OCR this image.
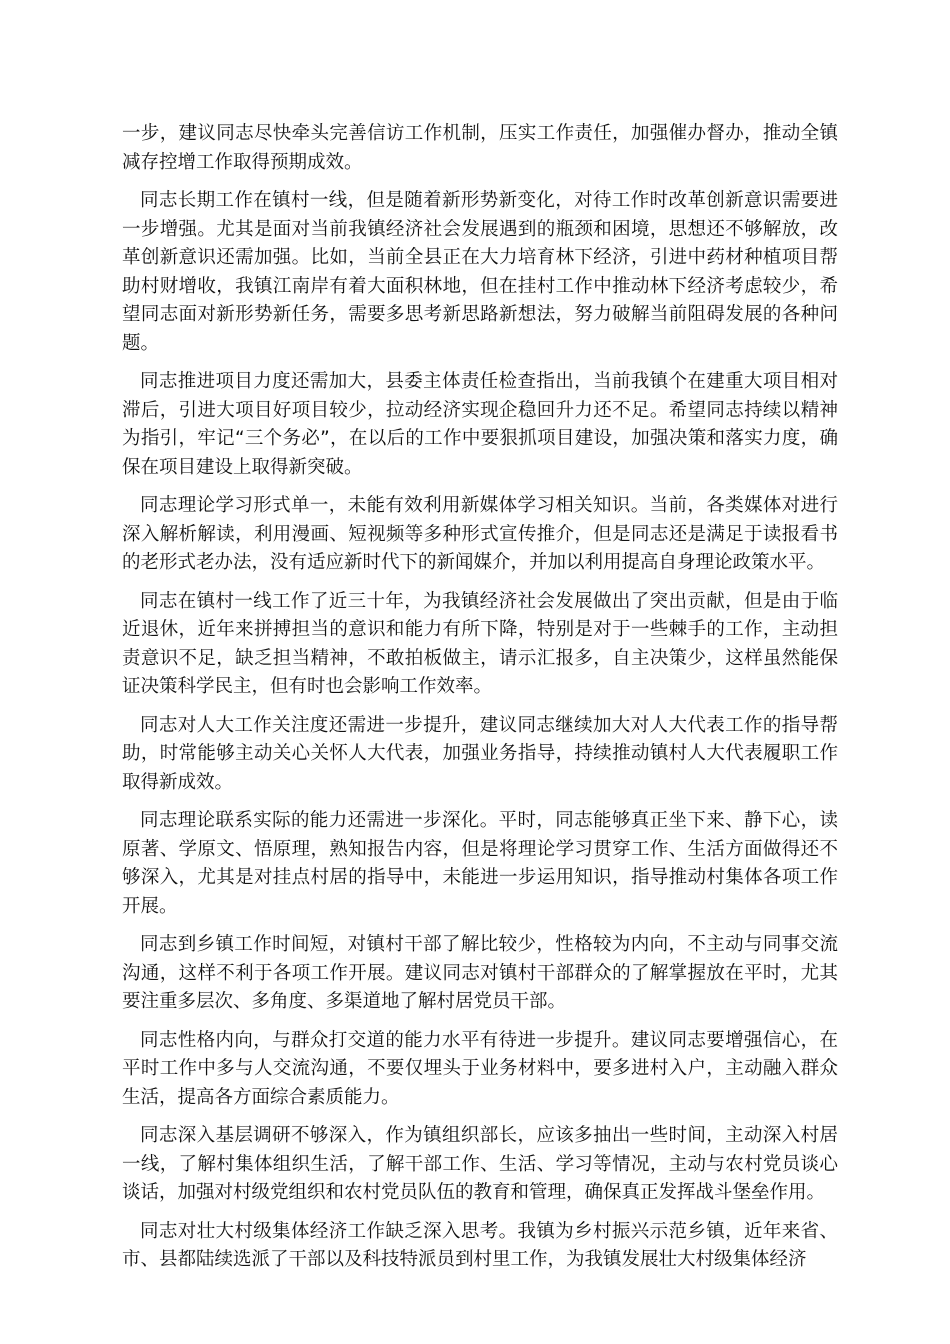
一步，建议同志尽快牵头完善信访工作机制，压实工作责任，加强催办督办，推动全镇减存控增工作取得预期成效。

同志长期工作在镇村一线，但是随着新形势新变化，对待工作时改革创新意识需要进一步增强。尤其是面对当前我镇经济社会发展遇到的瓶颈和困境，思想还不够解放，改革创新意识还需加强。比如，当前全县正在大力培育林下经济，引进中药材种植项目帮助村财增收，我镇江南岸有着大面积林地，但在挂村工作中推动林下经济考虑较少，希望同志面对新形势新任务，需要多思考新思路新想法，努力破解当前阻碍发展的各种问题。

同志推进项目力度还需加大，县委主体责任检查指出，当前我镇个在建重大项目相对滞后，引进大项目好项目较少，拉动经济实现企稳回升力还不足。希望同志持续以精神为指引，牢记“三个务必”，在以后的工作中要狠抓项目建设，加强决策和落实力度，确保在项目建设上取得新突破。

同志理论学习形式单一，未能有效利用新媒体学习相关知识。当前，各类媒体对进行深入解析解读，利用漫画、短视频等多种形式宣传推介，但是同志还是满足于读报看书的老形式老办法，没有适应新时代下的新闻媒介，并加以利用提高自身理论政策水平。

同志在镇村一线工作了近三十年，为我镇经济社会发展做出了突出贡献，但是由于临近退休，近年来拼搏担当的意识和能力有所下降，特别是对于一些棘手的工作，主动担责意识不足，缺乏担当精神，不敢拍板做主，请示汇报多，自主决策少，这样虽然能保证决策科学民主，但有时也会影响工作效率。

同志对人大工作关注度还需进一步提升，建议同志继续加大对人大代表工作的指导帮助，时常能够主动关心关怀人大代表，加强业务指导，持续推动镇村人大代表履职工作取得新成效。

同志理论联系实际的能力还需进一步深化。平时，同志能够真正坐下来、静下心，读原著、学原文、悟原理，熟知报告内容，但是将理论学习贯穿工作、生活方面做得还不够深入，尤其是对挂点村居的指导中，未能进一步运用知识，指导推动村集体各项工作开展。

同志到乡镇工作时间短，对镇村干部了解比较少，性格较为内向，不主动与同事交流沟通，这样不利于各项工作开展。建议同志对镇村干部群众的了解掌握放在平时，尤其要注重多层次、多角度、多渠道地了解村居党员干部。

同志性格内向，与群众打交道的能力水平有待进一步提升。建议同志要增强信心，在平时工作中多与人交流沟通，不要仅埋头于业务材料中，要多进村入户，主动融入群众生活，提高各方面综合素质能力。

同志深入基层调研不够深入，作为镇组织部长，应该多抽出一些时间，主动深入村居一线，了解村集体组织生活，了解干部工作、生活、学习等情况，主动与农村党员谈心谈话，加强对村级党组织和农村党员队伍的教育和管理，确保真正发挥战斗堡垒作用。

同志对壮大村级集体经济工作缺乏深入思考。我镇为乡村振兴示范乡镇，近年来省、市、县都陆续选派了干部以及科技特派员到村里工作，为我镇发展壮大村级集体经济
